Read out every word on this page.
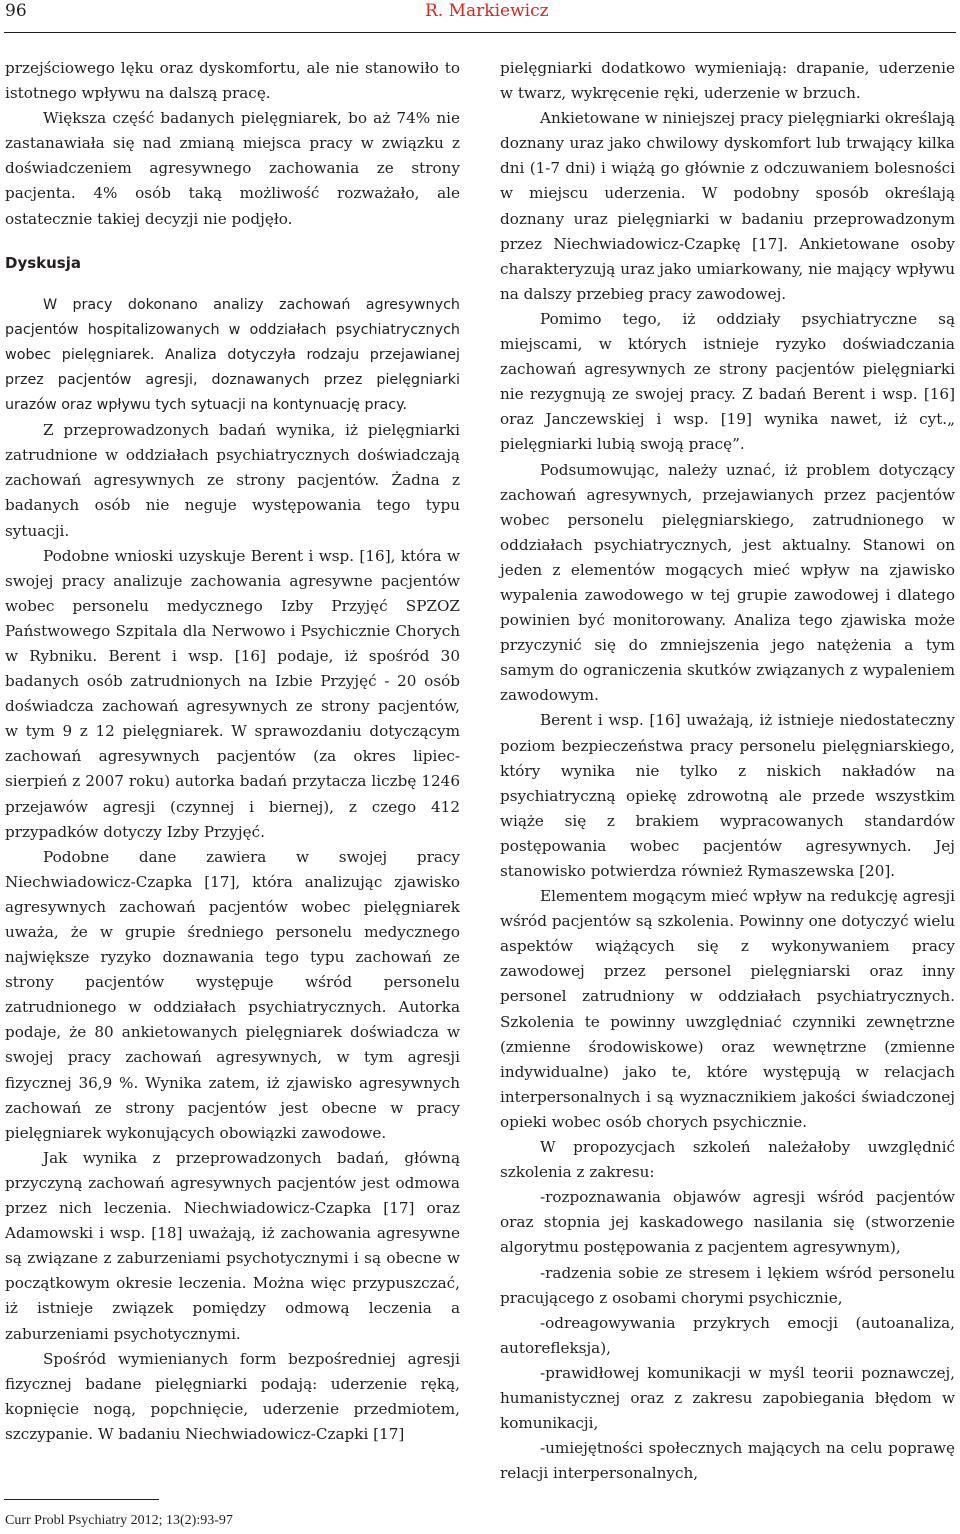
96	R. Markiewicz

przejściowego lęku oraz dyskomfortu, ale nie stanowiło to istotnego wpływu na dalszą pracę.

Większa część badanych pielęgniarek, bo aż 74% nie zastanawiała się nad zmianą miejsca pracy w związku z doświadczeniem agresywnego zachowania ze strony pacjenta. 4% osób taką możliwość rozważało, ale ostatecznie takiej decyzji nie podjęło.

Dyskusja

W pracy dokonano analizy zachowań agresywnych pacjentów hospitalizowanych w oddziałach psychiatrycznych wobec pielęgniarek. Analiza dotyczyła rodzaju przejawianej przez pacjentów agresji, doznawanych przez pielęgniarki urazów oraz wpływu tych sytuacji na kontynuację pracy.

Z przeprowadzonych badań wynika, iż pielęgniarki zatrudnione w oddziałach psychiatrycznych doświadczają zachowań agresywnych ze strony pacjentów. Żadna z badanych osób nie neguje występowania tego typu sytuacji.

Podobne wnioski uzyskuje Berent i wsp. [16], która w swojej pracy analizuje zachowania agresywne pacjentów wobec personelu medycznego Izby Przyjęć SPZOZ Państwowego Szpitala dla Nerwowo i Psychicznie Chorych w Rybniku. Berent i wsp. [16] podaje, iż spośród 30 badanych osób zatrudnionych na Izbie Przyjęć - 20 osób doświadcza zachowań agresywnych ze strony pacjentów, w tym 9 z 12 pielęgniarek. W sprawozdaniu dotyczącym zachowań agresywnych pacjentów (za okres lipiec-sierpień z 2007 roku) autorka badań przytacza liczbę 1246 przejawów agresji (czynnej i biernej), z czego 412 przypadków dotyczy Izby Przyjęć.

Podobne dane zawiera w swojej pracy Niechwiadowicz-Czapka [17], która analizując zjawisko agresywnych zachowań pacjentów wobec pielęgniarek uważa, że w grupie średniego personelu medycznego największe ryzyko doznawania tego typu zachowań ze strony pacjentów występuje wśród personelu zatrudnionego w oddziałach psychiatrycznych. Autorka podaje, że 80 ankietowanych pielęgniarek doświadcza w swojej pracy zachowań agresywnych, w tym agresji fizycznej 36,9 %. Wynika zatem, iż zjawisko agresywnych zachowań ze strony pacjentów jest obecne w pracy pielęgniarek wykonujących obowiązki zawodowe.

Jak wynika z przeprowadzonych badań, główną przyczyną zachowań agresywnych pacjentów jest odmowa przez nich leczenia. Niechwiadowicz-Czapka [17] oraz Adamowski i wsp. [18] uważają, iż zachowania agresywne są związane z zaburzeniami psychotycznymi i są obecne w początkowym okresie leczenia. Można więc przypuszczać, iż istnieje związek pomiędzy odmową leczenia a zaburzeniami psychotycznymi.

Spośród wymienianych form bezpośredniej agresji fizycznej badane pielęgniarki podają: uderzenie ręką, kopnięcie nogą, popchnięcie, uderzenie przedmiotem, szczypanie. W badaniu Niechwiadowicz-Czapki [17]

pielęgniarki dodatkowo wymieniają: drapanie, uderzenie w twarz, wykręcenie ręki, uderzenie w brzuch.

Ankietowane w niniejszej pracy pielęgniarki określają doznany uraz jako chwilowy dyskomfort lub trwający kilka dni (1-7 dni) i wiążą go głównie z odczuwaniem bolesności w miejscu uderzenia. W podobny sposób określają doznany uraz pielęgniarki w badaniu przeprowadzonym przez Niechwiadowicz-Czapkę [17]. Ankietowane osoby charakteryzują uraz jako umiarkowany, nie mający wpływu na dalszy przebieg pracy zawodowej.

Pomimo tego, iż oddziały psychiatryczne są miejscami, w których istnieje ryzyko doświadczania zachowań agresywnych ze strony pacjentów pielęgniarki nie rezygnują ze swojej pracy. Z badań Berent i wsp. [16] oraz Janczewskiej i wsp. [19] wynika nawet, iż cyt.„ pielęgniarki lubią swoją pracę”.

Podsumowując, należy uznać, iż problem dotyczący zachowań agresywnych, przejawianych przez pacjentów wobec personelu pielęgniarskiego, zatrudnionego w oddziałach psychiatrycznych, jest aktualny. Stanowi on jeden z elementów mogących mieć wpływ na zjawisko wypalenia zawodowego w tej grupie zawodowej i dlatego powinien być monitorowany. Analiza tego zjawiska może przyczynić się do zmniejszenia jego natężenia a tym samym do ograniczenia skutków związanych z wypaleniem zawodowym.

Berent i wsp. [16] uważają, iż istnieje niedostateczny poziom bezpieczeństwa pracy personelu pielęgniarskiego, który wynika nie tylko z niskich nakładów na psychiatryczną opiekę zdrowotną ale przede wszystkim wiąże się z brakiem wypracowanych standardów postępowania wobec pacjentów agresywnych. Jej stanowisko potwierdza również Rymaszewska [20].

Elementem mogącym mieć wpływ na redukcję agresji wśród pacjentów są szkolenia. Powinny one dotyczyć wielu aspektów wiążących się z wykonywaniem pracy zawodowej przez personel pielęgniarski oraz inny personel zatrudniony w oddziałach psychiatrycznych. Szkolenia te powinny uwzględniać czynniki zewnętrzne (zmienne środowiskowe) oraz wewnętrzne (zmienne indywidualne) jako te, które występują w relacjach interpersonalnych i są wyznacznikiem jakości świadczonej opieki wobec osób chorych psychicznie.

W propozycjach szkoleń należałoby uwzględnić szkolenia z zakresu:

-rozpoznawania objawów agresji wśród pacjentów oraz stopnia jej kaskadowego nasilania się (stworzenie algorytmu postępowania z pacjentem agresywnym),

-radzenia sobie ze stresem i lękiem wśród personelu pracującego z osobami chorymi psychicznie,

-odreagowywania przykrych emocji (autoanaliza, autorefleksja),

-prawidłowej komunikacji w myśl teorii poznawczej, humanistycznej oraz z zakresu zapobiegania błędom w komunikacji,

-umiejętności społecznych mających na celu poprawę relacji interpersonalnych,

Curr Probl Psychiatry 2012; 13(2):93-97
